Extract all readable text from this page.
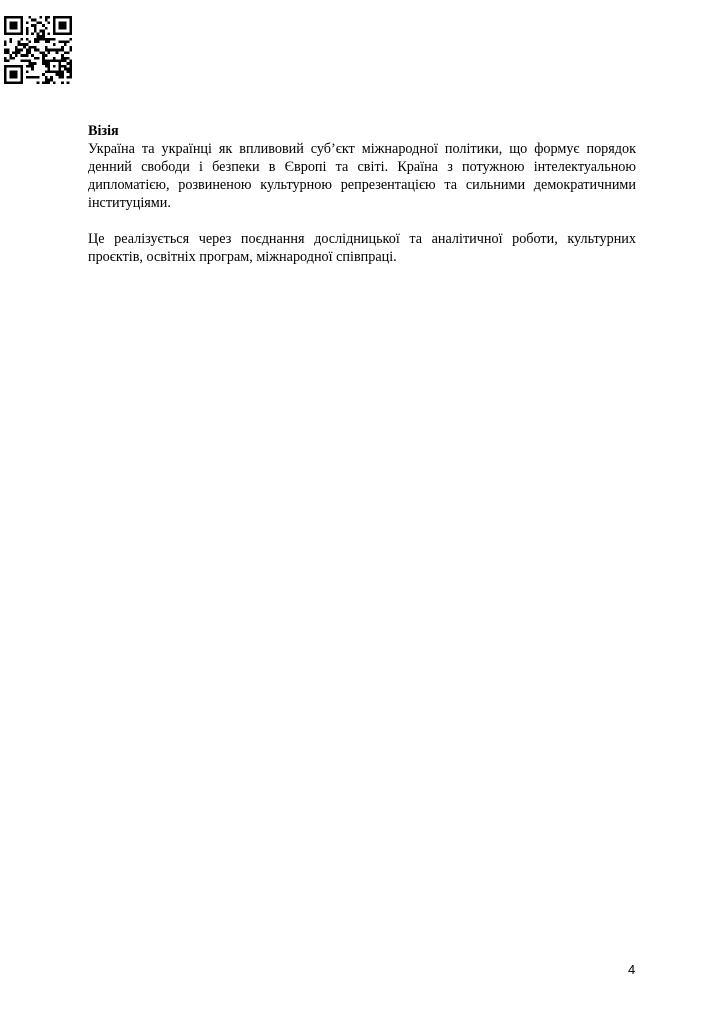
Візія

Україна та українці як впливовий суб’єкт міжнародної політики, що формує порядок денний свободи і безпеки в Європі та світі. Країна з потужною інтелектуальною дипломатією, розвиненою культурною репрезентацією та сильними демократичними інституціями.

Це реалізується через поєднання дослідницької та аналітичної роботи, культурних проєктів, освітніх програм, міжнародної співпраці.

4
